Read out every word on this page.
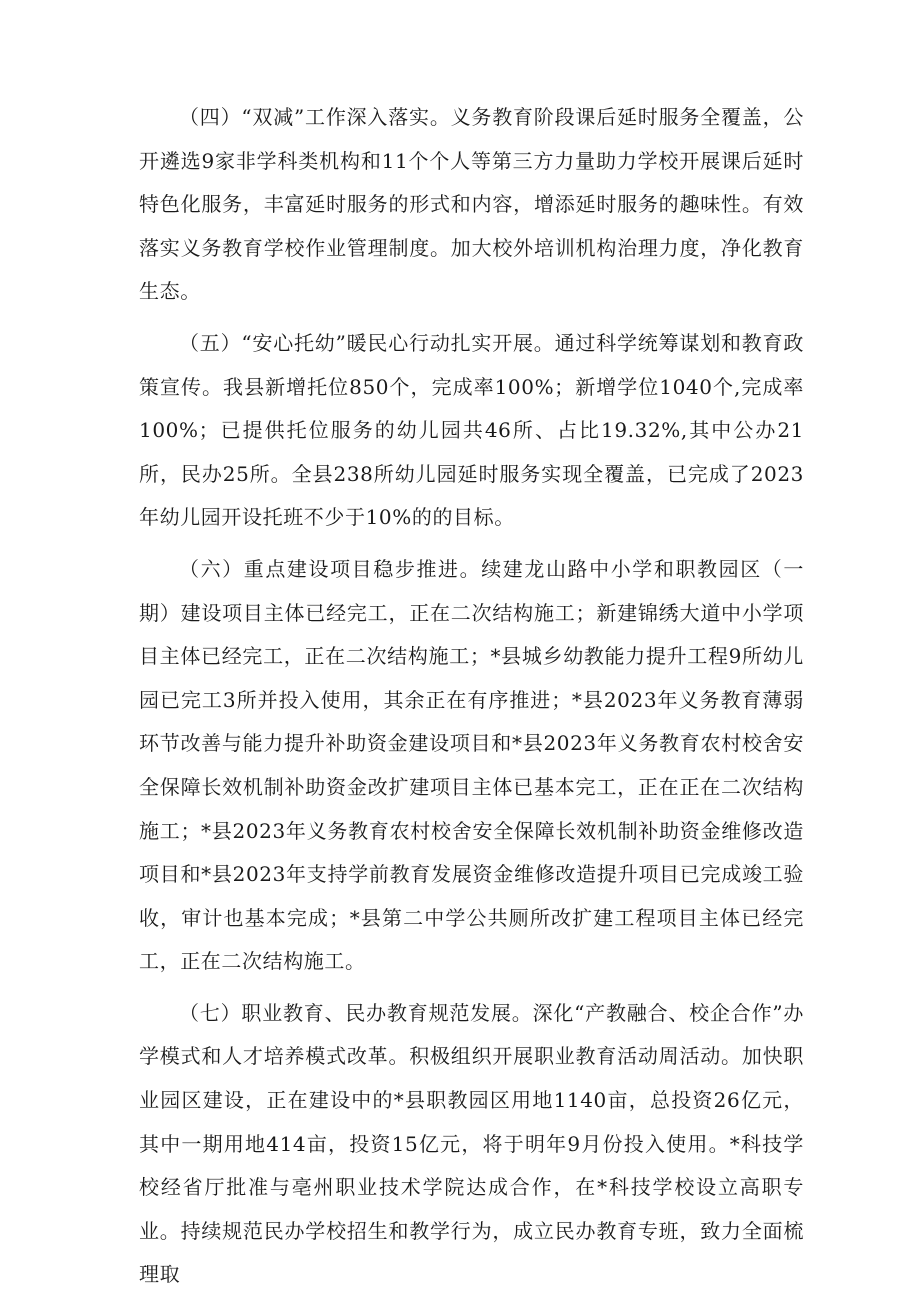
（四）“双减”工作深入落实。义务教育阶段课后延时服务全覆盖，公开遴选9家非学科类机构和11个个人等第三方力量助力学校开展课后延时特色化服务，丰富延时服务的形式和内容，增添延时服务的趣味性。有效落实义务教育学校作业管理制度。加大校外培训机构治理力度，净化教育生态。

（五）“安心托幼”暖民心行动扎实开展。通过科学统筹谋划和教育政策宣传。我县新增托位850个，完成率100%；新增学位1040个,完成率100%；已提供托位服务的幼儿园共46所、占比19.32%,其中公办21所，民办25所。全县238所幼儿园延时服务实现全覆盖，已完成了2023年幼儿园开设托班不少于10%的的目标。

（六）重点建设项目稳步推进。续建龙山路中小学和职教园区（一期）建设项目主体已经完工，正在二次结构施工；新建锦绣大道中小学项目主体已经完工，正在二次结构施工；*县城乡幼教能力提升工程9所幼儿园已完工3所并投入使用，其余正在有序推进；*县2023年义务教育薄弱环节改善与能力提升补助资金建设项目和*县2023年义务教育农村校舍安全保障长效机制补助资金改扩建项目主体已基本完工，正在正在二次结构施工；*县2023年义务教育农村校舍安全保障长效机制补助资金维修改造项目和*县2023年支持学前教育发展资金维修改造提升项目已完成竣工验收，审计也基本完成；*县第二中学公共厕所改扩建工程项目主体已经完工，正在二次结构施工。

（七）职业教育、民办教育规范发展。深化“产教融合、校企合作”办学模式和人才培养模式改革。积极组织开展职业教育活动周活动。加快职业园区建设，正在建设中的*县职教园区用地1140亩，总投资26亿元，其中一期用地414亩，投资15亿元，将于明年9月份投入使用。*科技学校经省厅批准与亳州职业技术学院达成合作，在*科技学校设立高职专业。持续规范民办学校招生和教学行为，成立民办教育专班，致力全面梳理取
